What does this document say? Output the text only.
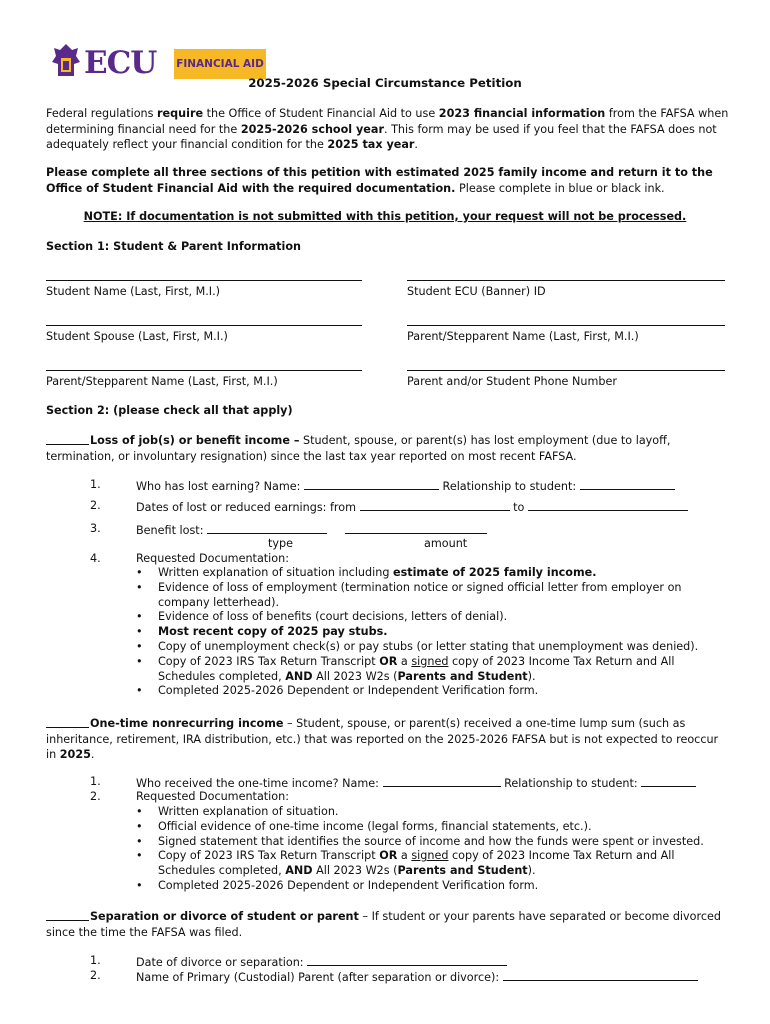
ECU FINANCIAL AID
2025-2026 Special Circumstance Petition
Federal regulations require the Office of Student Financial Aid to use 2023 financial information from the FAFSA when determining financial need for the 2025-2026 school year. This form may be used if you feel that the FAFSA does not adequately reflect your financial condition for the 2025 tax year.
Please complete all three sections of this petition with estimated 2025 family income and return it to the Office of Student Financial Aid with the required documentation. Please complete in blue or black ink.
NOTE: If documentation is not submitted with this petition, your request will not be processed.
Section 1: Student & Parent Information
Student Name (Last, First, M.I.)	Student ECU (Banner) ID
Student Spouse (Last, First, M.I.)	Parent/Stepparent Name (Last, First, M.I.)
Parent/Stepparent Name (Last, First, M.I.)	Parent and/or Student Phone Number
Section 2: (please check all that apply)
Loss of job(s) or benefit income – Student, spouse, or parent(s) has lost employment (due to layoff, termination, or involuntary resignation) since the last tax year reported on most recent FAFSA.
1.	Who has lost earning? Name:	Relationship to student:
2.	Dates of lost or reduced earnings: from	to
3.	Benefit lost:
type	amount
4.	Requested Documentation:
•	Written explanation of situation including estimate of 2025 family income.
•	Evidence of loss of employment (termination notice or signed official letter from employer on company letterhead).
•	Evidence of loss of benefits (court decisions, letters of denial).
•	Most recent copy of 2025 pay stubs.
•	Copy of unemployment check(s) or pay stubs (or letter stating that unemployment was denied).
•	Copy of 2023 IRS Tax Return Transcript OR a signed copy of 2023 Income Tax Return and All Schedules completed, AND All 2023 W2s (Parents and Student).
•	Completed 2025-2026 Dependent or Independent Verification form.
One-time nonrecurring income – Student, spouse, or parent(s) received a one-time lump sum (such as inheritance, retirement, IRA distribution, etc.) that was reported on the 2025-2026 FAFSA but is not expected to reoccur in 2025.
1.	Who received the one-time income? Name:	Relationship to student:
2.	Requested Documentation:
•	Written explanation of situation.
•	Official evidence of one-time income (legal forms, financial statements, etc.).
•	Signed statement that identifies the source of income and how the funds were spent or invested.
•	Copy of 2023 IRS Tax Return Transcript OR a signed copy of 2023 Income Tax Return and All Schedules completed, AND All 2023 W2s (Parents and Student).
•	Completed 2025-2026 Dependent or Independent Verification form.
Separation or divorce of student or parent – If student or your parents have separated or become divorced since the time the FAFSA was filed.
1.	Date of divorce or separation:
2.	Name of Primary (Custodial) Parent (after separation or divorce):
